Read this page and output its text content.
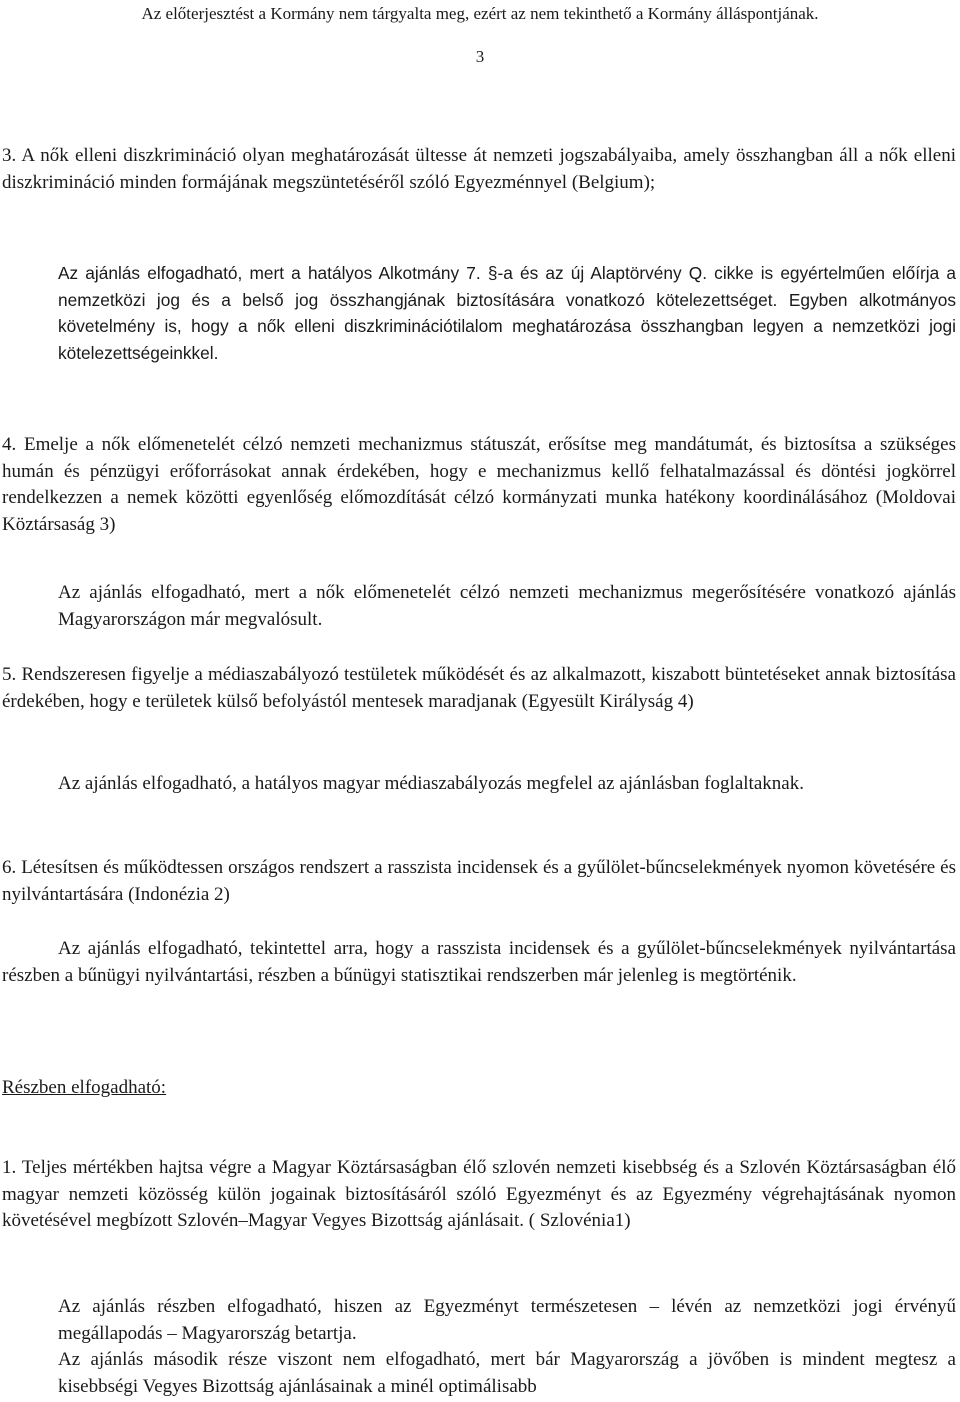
Az előterjesztést a Kormány nem tárgyalta meg, ezért az nem tekinthető a Kormány álláspontjának.
3

3. A nők elleni diszkrimináció olyan meghatározását ültesse át nemzeti jogszabályaiba, amely összhangban áll a nők elleni diszkrimináció minden formájának megszüntetéséről szóló Egyezménnyel (Belgium);

Az ajánlás elfogadható, mert a hatályos Alkotmány 7. §-a és az új Alaptörvény Q. cikke is egyértelműen előírja a nemzetközi jog és a belső jog összhangjának biztosítására vonatkozó kötelezettséget. Egyben alkotmányos követelmény is, hogy a nők elleni diszkriminációtilalom meghatározása összhangban legyen a nemzetközi jogi kötelezettségeinkkel.

4. Emelje a nők előmenetelét célzó nemzeti mechanizmus státuszát, erősítse meg mandátumát, és biztosítsa a szükséges humán és pénzügyi erőforrásokat annak érdekében, hogy e mechanizmus kellő felhatalmazással és döntési jogkörrel rendelkezzen a nemek közötti egyenlőség előmozdítását célzó kormányzati munka hatékony koordinálásához (Moldovai Köztársaság 3)

Az ajánlás elfogadható, mert a nők előmenetelét célzó nemzeti mechanizmus megerősítésére vonatkozó ajánlás Magyarországon már megvalósult.

5. Rendszeresen figyelje a médiaszabályozó testületek működését és az alkalmazott, kiszabott büntetéseket annak biztosítása érdekében, hogy e területek külső befolyástól mentesek maradjanak (Egyesült Királyság 4)

Az ajánlás elfogadható, a hatályos magyar médiaszabályozás megfelel az ajánlásban foglaltaknak.

6. Létesítsen és működtessen országos rendszert a rasszista incidensek és a gyűlölet-bűncselekmények nyomon követésére és nyilvántartására (Indonézia 2)

Az ajánlás elfogadható, tekintettel arra, hogy a rasszista incidensek és a gyűlölet-bűncselekmények nyilvántartása részben a bűnügyi nyilvántartási, részben a bűnügyi statisztikai rendszerben már jelenleg is megtörténik.

Részben elfogadható:

1. Teljes mértékben hajtsa végre a Magyar Köztársaságban élő szlovén nemzeti kisebbség és a Szlovén Köztársaságban élő magyar nemzeti közösség külön jogainak biztosításáról szóló Egyezményt és az Egyezmény végrehajtásának nyomon követésével megbízott Szlovén–Magyar Vegyes Bizottság ajánlásait. ( Szlovénia1)

Az ajánlás részben elfogadható, hiszen az Egyezményt természetesen – lévén az nemzetközi jogi érvényű megállapodás – Magyarország betartja.

Az ajánlás második része viszont nem elfogadható, mert bár Magyarország a jövőben is mindent megtesz a kisebbségi Vegyes Bizottság ajánlásainak a minél optimálisabb
